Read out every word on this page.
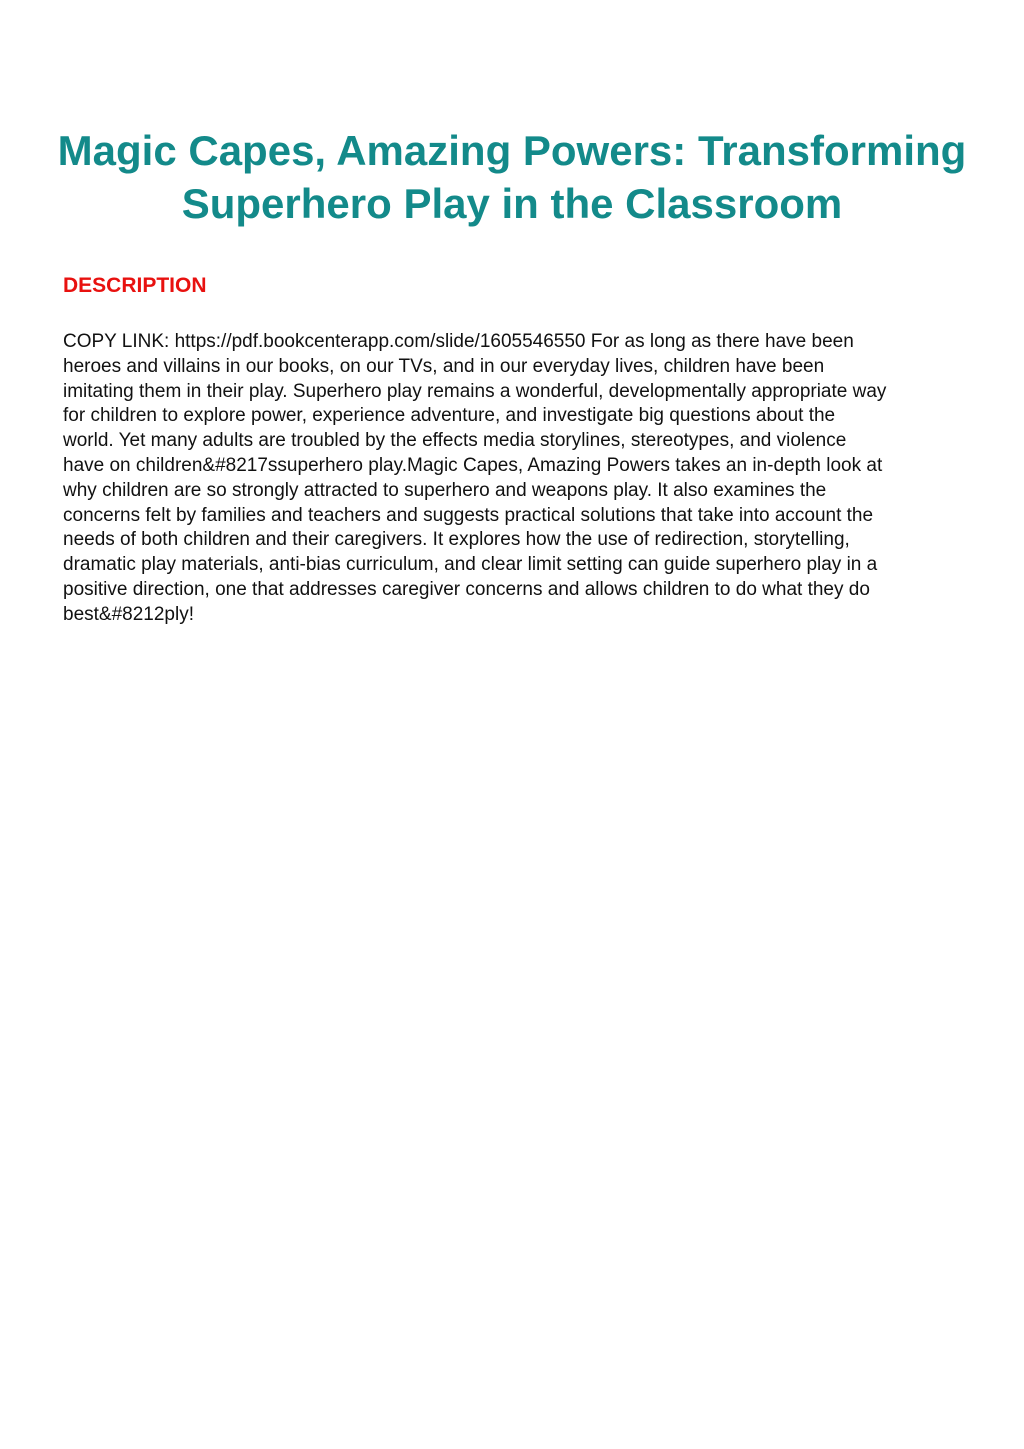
Magic Capes, Amazing Powers: Transforming
Superhero Play in the Classroom
DESCRIPTION

COPY LINK: https://pdf.bookcenterapp.com/slide/1605546550 For as long as there have been
heroes and villains in our books, on our TVs, and in our everyday lives, children have been
imitating them in their play. Superhero play remains a wonderful, developmentally appropriate way
for children to explore power, experience adventure, and investigate big questions about the
world. Yet many adults are troubled by the effects media storylines, stereotypes, and violence
have on children&#8217ssuperhero play.Magic Capes, Amazing Powers takes an in-depth look at
why children are so strongly attracted to superhero and weapons play. It also examines the
concerns felt by families and teachers and suggests practical solutions that take into account the
needs of both children and their caregivers. It explores how the use of redirection, storytelling,
dramatic play materials, anti-bias curriculum, and clear limit setting can guide superhero play in a
positive direction, one that addresses caregiver concerns and allows children to do what they do
best&#8212ply!
